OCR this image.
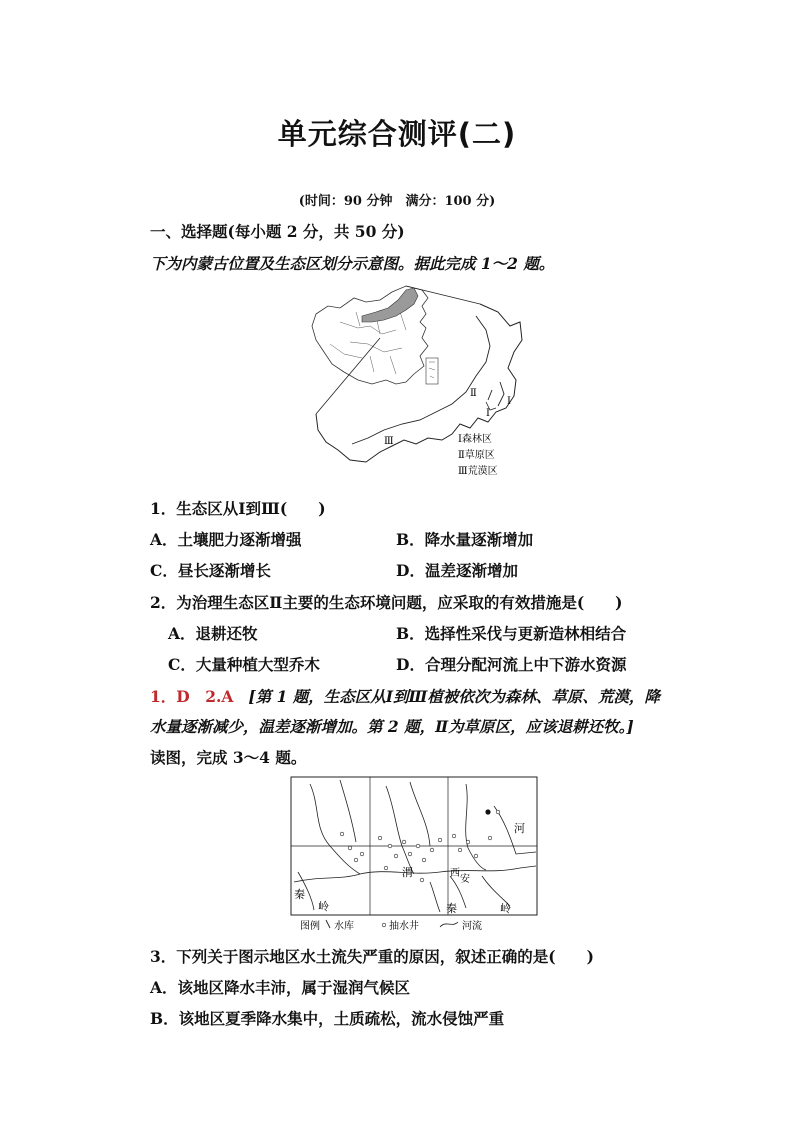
单元综合测评(二)
(时间：90 分钟　满分：100 分)
一、选择题(每小题 2 分，共 50 分)
下为内蒙古位置及生态区划分示意图。据此完成 1～2 题。
Ⅱ
Ⅰ
Ⅰ
Ⅲ	Ⅰ森林区
Ⅱ草原区
Ⅲ荒漠区
1．生态区从Ⅰ到Ⅲ(　　)
A．土壤肥力逐渐增强	B．降水量逐渐增加
C．昼长逐渐增长	D．温差逐渐增加
2．为治理生态区Ⅱ主要的生态环境问题，应采取的有效措施是(　　)
A．退耕还牧	B．选择性采伐与更新造林相结合
C．大量种植大型乔木	D．合理分配河流上中下游水资源
1．D　2.A [第 1 题，生态区从Ⅰ到Ⅲ植被依次为森林、草原、荒漠，降
水量逐渐减少，温差逐渐增加。第 2 题，Ⅱ为草原区，应该退耕还牧。]
读图，完成 3～4 题。
河
渭	西
安
秦
岭	秦	岭
图例 水库	抽水井	河流
3．下列关于图示地区水土流失严重的原因，叙述正确的是(　　)
A．该地区降水丰沛，属于湿润气候区
B．该地区夏季降水集中，土质疏松，流水侵蚀严重
